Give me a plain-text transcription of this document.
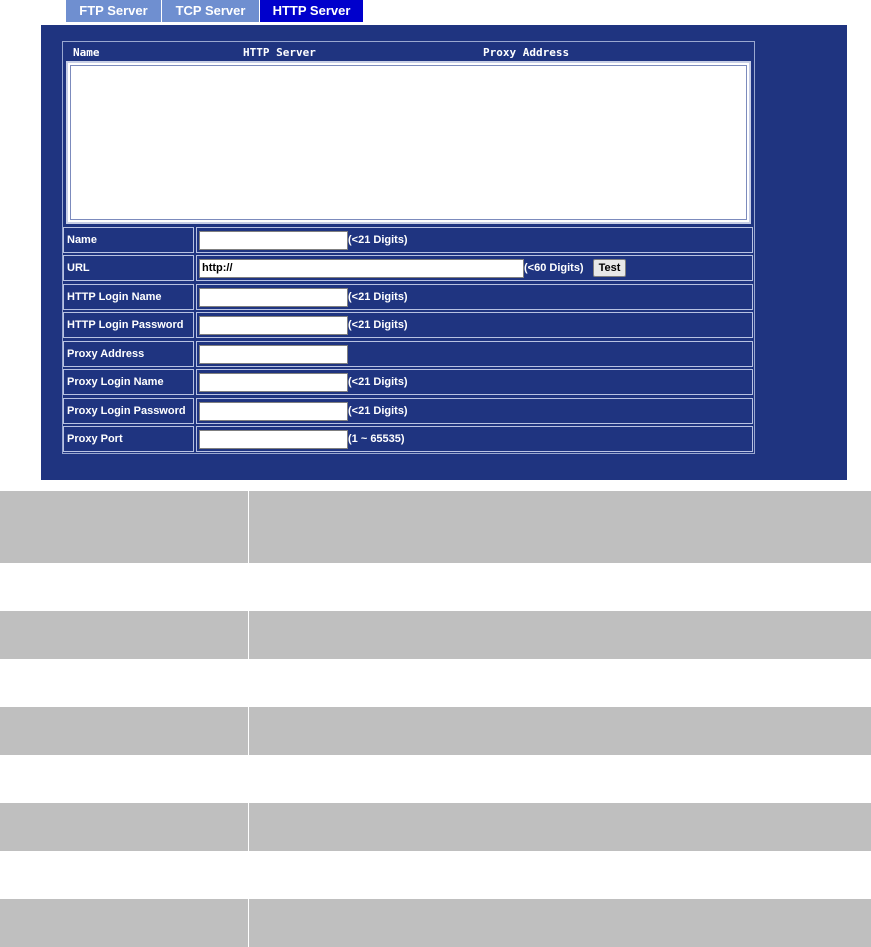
FTP Server	TCP Server	HTTP Server
Name	HTTP Server	Proxy Address
Name	(<21 Digits)
URL	http://	(<60 Digits)	Test
HTTP Login Name	(<21 Digits)
HTTP Login Password	(<21 Digits)
Proxy Address
Proxy Login Name	(<21 Digits)
Proxy Login Password	(<21 Digits)
Proxy Port	(1 ~ 65535)
